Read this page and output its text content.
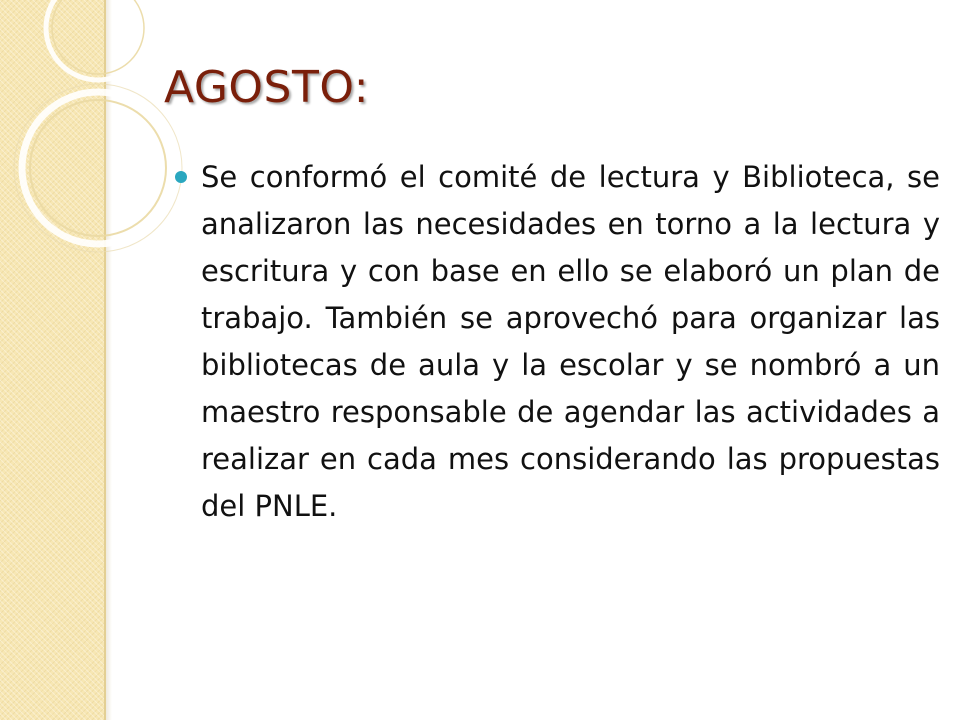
AGOSTO:

Se conformó el comité de lectura y Biblioteca, se analizaron las necesidades en torno a la lectura y escritura y con base en ello se elaboró un plan de trabajo. También se aprovechó para organizar las bibliotecas de aula y la escolar y se nombró a un maestro responsable de agendar las actividades a realizar en cada mes considerando las propuestas del PNLE.
